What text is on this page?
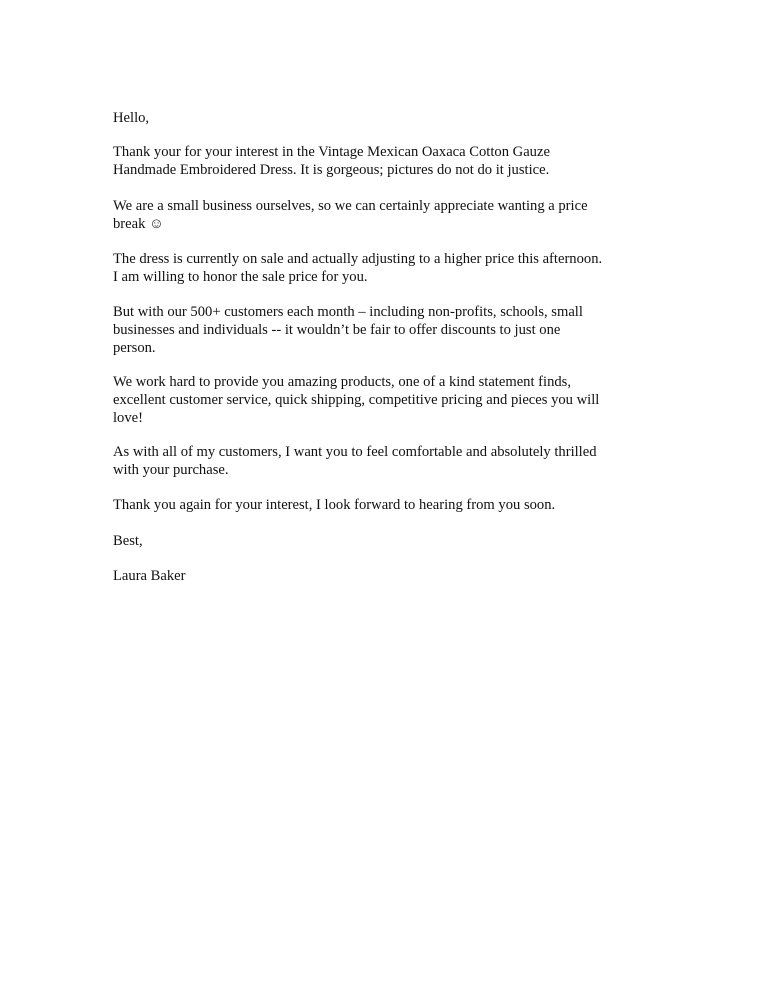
Hello,
Thank your for your interest in the Vintage Mexican Oaxaca Cotton Gauze
Handmade Embroidered Dress. It is gorgeous; pictures do not do it justice.
We are a small business ourselves, so we can certainly appreciate wanting a price
break ☺
The dress is currently on sale and actually adjusting to a higher price this afternoon.
I am willing to honor the sale price for you.
But with our 500+ customers each month – including non-profits, schools, small
businesses and individuals -- it wouldn’t be fair to offer discounts to just one
person.
We work hard to provide you amazing products, one of a kind statement finds,
excellent customer service, quick shipping, competitive pricing and pieces you will
love!
As with all of my customers, I want you to feel comfortable and absolutely thrilled
with your purchase.
Thank you again for your interest, I look forward to hearing from you soon.
Best,
Laura Baker
